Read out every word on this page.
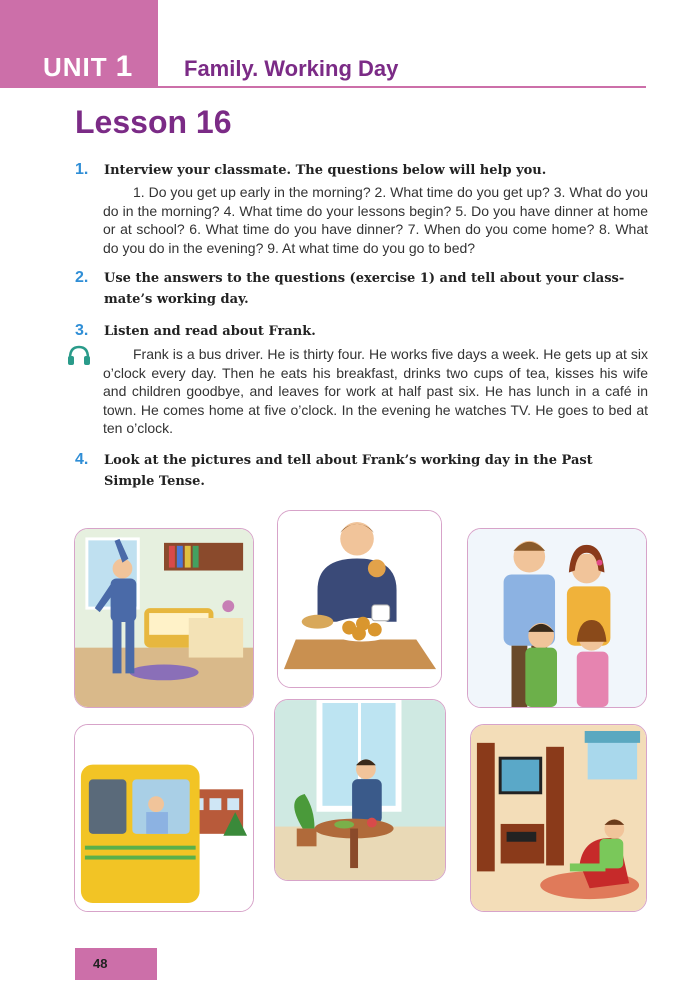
UNIT 1 Family. Working Day
Lesson 16
1. Interview your classmate. The questions below will help you.
1. Do you get up early in the morning? 2. What time do you get up? 3. What do you do in the morning? 4. What time do your lessons begin? 5. Do you have dinner at home or at school? 6. What time do you have dinner? 7. When do you come home? 8. What do you do in the evening? 9. At what time do you go to bed?
2. Use the answers to the questions (exercise 1) and tell about your class-mate’s working day.
3. Listen and read about Frank.
Frank is a bus driver. He is thirty four. He works five days a week. He gets up at six o’clock every day. Then he eats his breakfast, drinks two cups of tea, kisses his wife and children goodbye, and leaves for work at half past six. He has lunch in a café in town. He comes home at five o’clock. In the evening he watches TV. He goes to bed at ten o’clock.
4. Look at the pictures and tell about Frank’s working day in the Past Simple Tense.
48
